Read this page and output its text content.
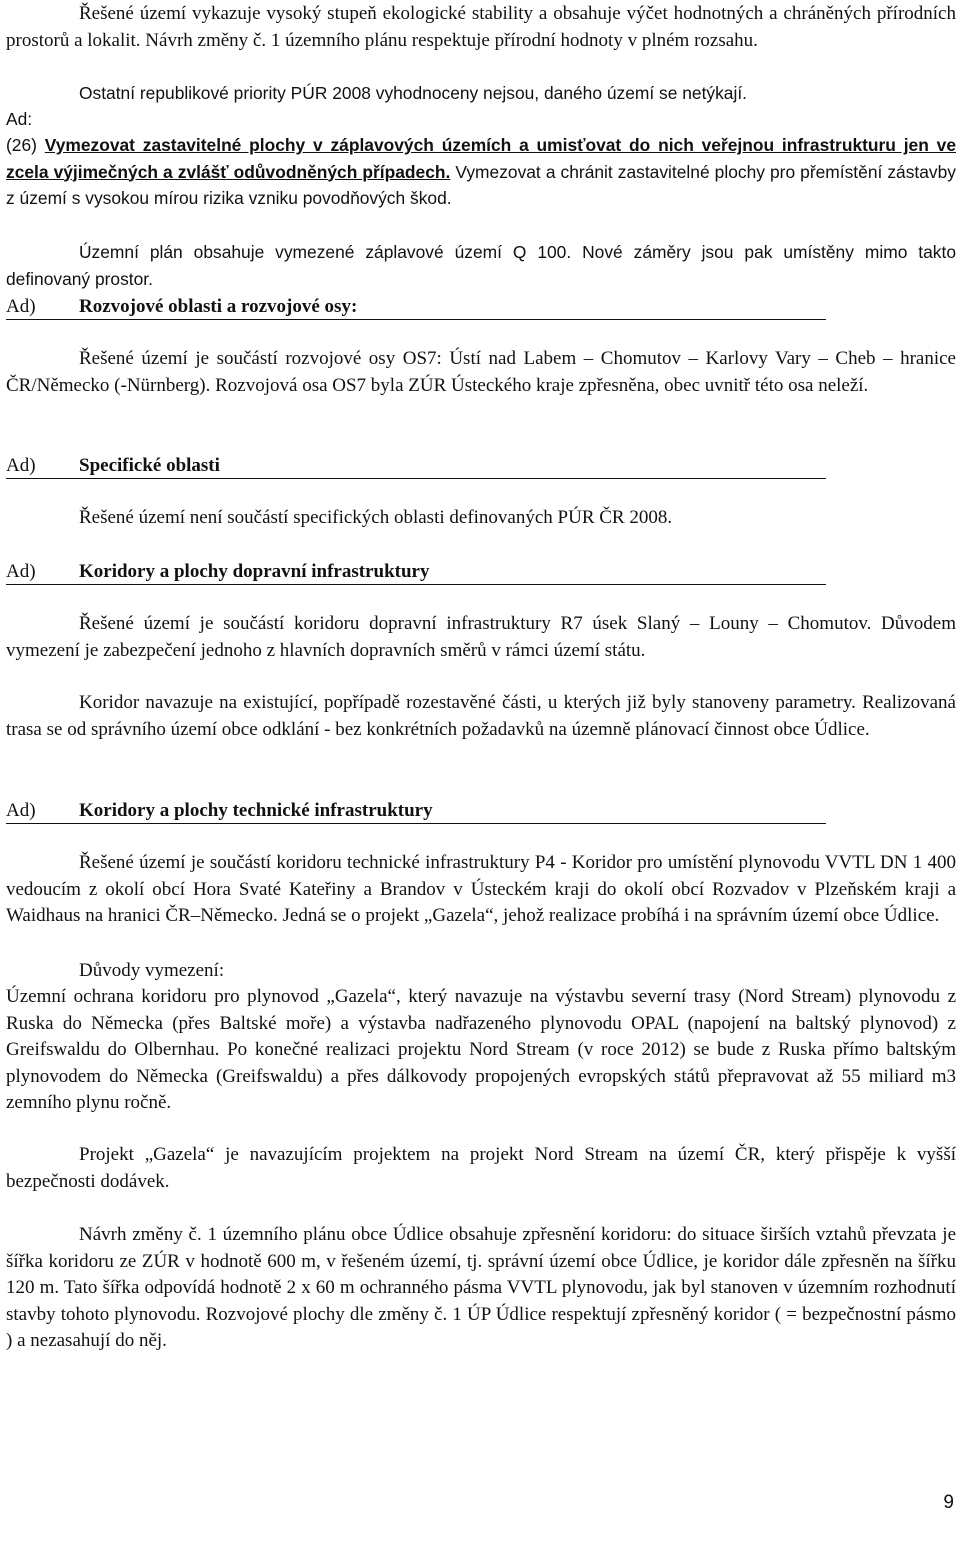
Řešené území vykazuje vysoký stupeň ekologické stability a obsahuje výčet hodnotných a chráněných přírodních prostorů a lokalit. Návrh změny č. 1 územního plánu respektuje přírodní hodnoty v plném rozsahu.

Ostatní republikové priority PÚR 2008 vyhodnoceny nejsou, daného území se netýkají.

Ad:

(26) Vymezovat zastavitelné plochy v záplavových územích a umisťovat do nich veřejnou infrastrukturu jen ve zcela výjimečných a zvlášť odůvodněných případech. Vymezovat a chránit zastavitelné plochy pro přemístění zástavby z území s vysokou mírou rizika vzniku povodňových škod.

Územní plán obsahuje vymezené záplavové území Q 100. Nové záměry jsou pak umístěny mimo takto definovaný prostor.

Ad) Rozvojové oblasti a rozvojové osy:

Řešené území je součástí rozvojové osy OS7: Ústí nad Labem – Chomutov – Karlovy Vary – Cheb – hranice ČR/Německo (-Nürnberg). Rozvojová osa OS7 byla ZÚR Ústeckého kraje zpřesněna, obec uvnitř této osa neleží.

Ad) Specifické oblasti

Řešené území není součástí specifických oblasti definovaných PÚR ČR 2008.

Ad) Koridory a plochy dopravní infrastruktury

Řešené území je součástí koridoru dopravní infrastruktury R7 úsek Slaný – Louny – Chomutov. Důvodem vymezení je zabezpečení jednoho z hlavních dopravních směrů v rámci území státu.

Koridor navazuje na existující, popřípadě rozestavěné části, u kterých již byly stanoveny parametry. Realizovaná trasa se od správního území obce odklání - bez konkrétních požadavků na územně plánovací činnost obce Údlice.

Ad) Koridory a plochy technické infrastruktury

Řešené území je součástí koridoru technické infrastruktury P4 - Koridor pro umístění plynovodu VVTL DN 1 400 vedoucím z okolí obcí Hora Svaté Kateřiny a Brandov v Ústeckém kraji do okolí obcí Rozvadov v Plzeňském kraji a Waidhaus na hranici ČR–Německo. Jedná se o projekt „Gazela“, jehož realizace probíhá i na správním území obce Údlice.

Důvody vymezení:

Územní ochrana koridoru pro plynovod „Gazela“, který navazuje na výstavbu severní trasy (Nord Stream) plynovodu z Ruska do Německa (přes Baltské moře) a výstavba nadřazeného plynovodu OPAL (napojení na baltský plynovod) z Greifswaldu do Olbernhau. Po konečné realizaci projektu Nord Stream (v roce 2012) se bude z Ruska přímo baltským plynovodem do Německa (Greifswaldu) a přes dálkovody propojených evropských států přepravovat až 55 miliard m3 zemního plynu ročně.

Projekt „Gazela“ je navazujícím projektem na projekt Nord Stream na území ČR, který přispěje k vyšší bezpečnosti dodávek.

Návrh změny č. 1 územního plánu obce Údlice obsahuje zpřesnění koridoru: do situace širších vztahů převzata je šířka koridoru ze ZÚR v hodnotě 600 m, v řešeném území, tj. správní území obce Údlice, je koridor dále zpřesněn na šířku 120 m. Tato šířka odpovídá hodnotě 2 x 60 m ochranného pásma VVTL plynovodu, jak byl stanoven v územním rozhodnutí stavby tohoto plynovodu. Rozvojové plochy dle změny č. 1 ÚP Údlice respektují zpřesněný koridor ( = bezpečnostní pásmo ) a nezasahují do něj.

9
